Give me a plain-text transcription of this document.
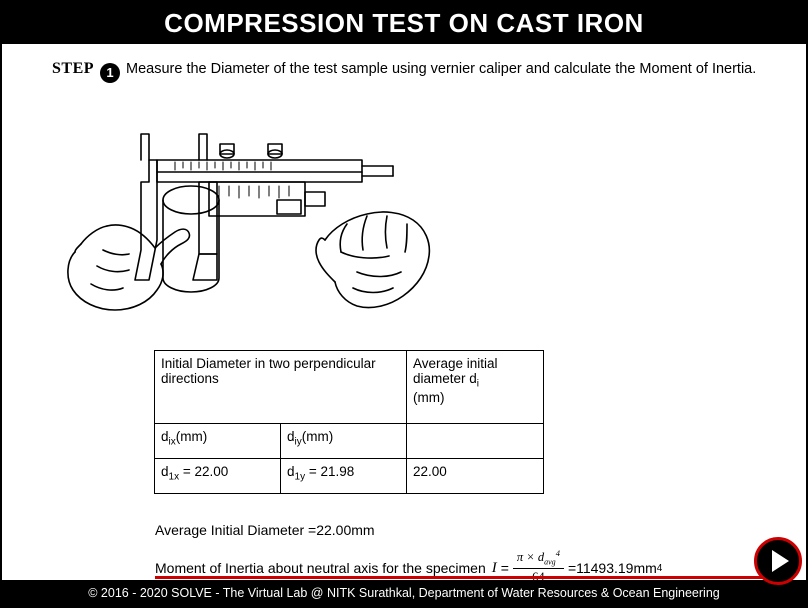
COMPRESSION TEST ON CAST IRON
STEP 1 Measure the Diameter of the test sample using vernier caliper and calculate the Moment of Inertia.
Initial Diameter in two perpendicular directions		Average initial diameter $d_i$
(mm)
$d_{ix}(mm)$	$d_{iy}(mm)$	
$d_{1x} = 22.00$	$d_{1y} = 21.98$	22.00
Average Initial Diameter =22.00mm
Moment of Inertia about neutral axis for the specimen I =
$\pi \times d_{avg}^4$
=11493.19mm 4
© 2016 - 2020 SOLVE - The Virtual Lab @ NITK Surathkal, Department of Water Resources & Ocean Engineering
